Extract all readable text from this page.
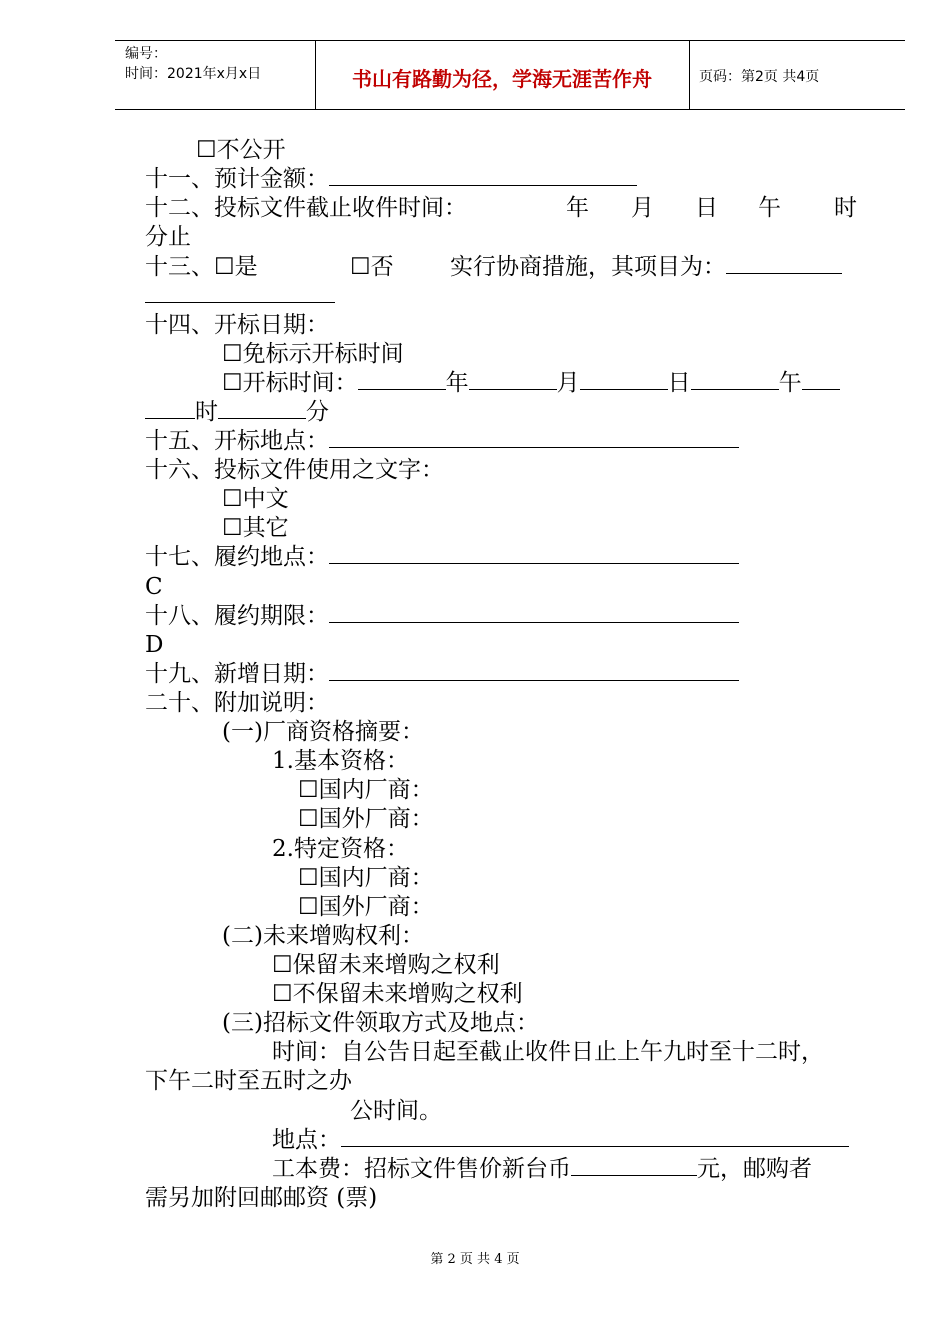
编号：
时间：2021年x月x日	书山有路勤为径，学海无涯苦作舟	页码：第2页 共4页
☐不公开
十一、预计金额：
十二、投标文件截止收件时间：	年 月 日 午 时
分止
十三、☐是	☐否 实行协商措施，其项目为：
十四、开标日期：
☐免标示开标时间
☐开标时间：	年	月	日	午
时	分
十五、开标地点：
十六、投标文件使用之文字：
☐中文
☐其它
十七、履约地点：
C
十八、履约期限：
D
十九、新增日期：
二十、附加说明：
(一)厂商资格摘要：
1.基本资格：
☐国内厂商：
☐国外厂商：
2.特定资格：
☐国内厂商：
☐国外厂商：
(二)未来增购权利：
☐保留未来增购之权利
☐不保留未来增购之权利
(三)招标文件领取方式及地点：
时间：自公告日起至截止收件日止上午九时至十二时，
下午二时至五时之办
公时间。
地点：
工本费：招标文件售价新台币	元，邮购者
需另加附回邮邮资 (票)
第 2 页 共 4 页
